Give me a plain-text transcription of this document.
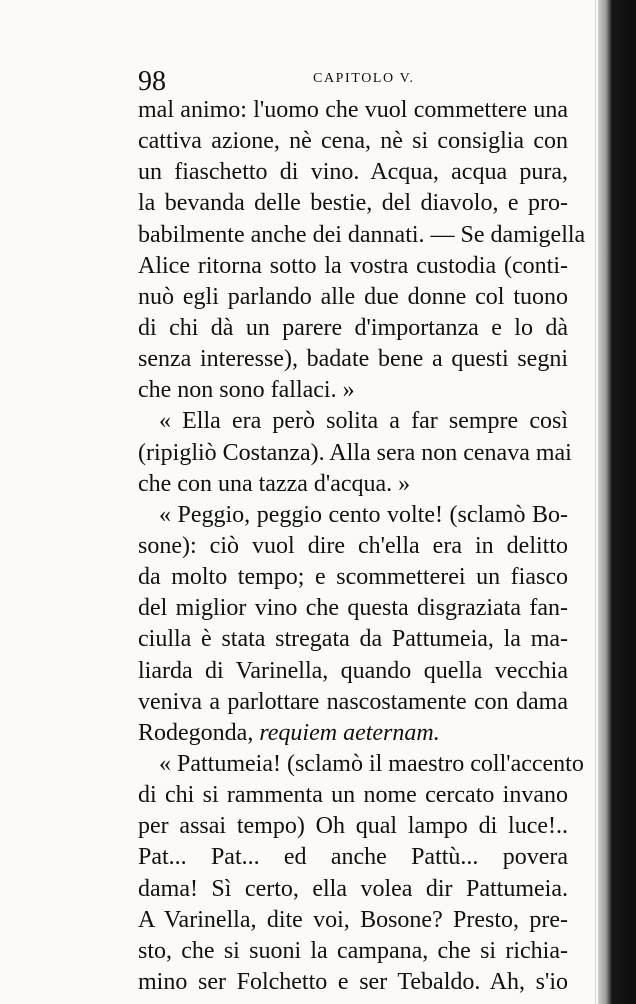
98	CAPITOLO V.
mal animo: l'uomo che vuol commettere una
cattiva azione, nè cena, nè si consiglia con
un fiaschetto di vino. Acqua, acqua pura,
la bevanda delle bestie, del diavolo, e pro-
babilmente anche dei dannati. — Se damigella
Alice ritorna sotto la vostra custodia (conti-
nuò egli parlando alle due donne col tuono
di chi dà un parere d'importanza e lo dà
senza interesse), badate bene a questi segni
che non sono fallaci. »
« Ella era però solita a far sempre così
(ripigliò Costanza). Alla sera non cenava mai
che con una tazza d'acqua. »
« Peggio, peggio cento volte! (sclamò Bo-
sone): ciò vuol dire ch'ella era in delitto
da molto tempo; e scommetterei un fiasco
del miglior vino che questa disgraziata fan-
ciulla è stata stregata da Pattumeia, la ma-
liarda di Varinella, quando quella vecchia
veniva a parlottare nascostamente con dama
Rodegonda, requiem aeternam.
« Pattumeia! (sclamò il maestro coll'accento
di chi si rammenta un nome cercato invano
per assai tempo) Oh qual lampo di luce!..
Pat... Pat... ed anche Pattù... povera
dama! Sì certo, ella volea dir Pattumeia.
A Varinella, dite voi, Bosone? Presto, pre-
sto, che si suoni la campana, che si richia-
mino ser Folchetto e ser Tebaldo. Ah, s'io
